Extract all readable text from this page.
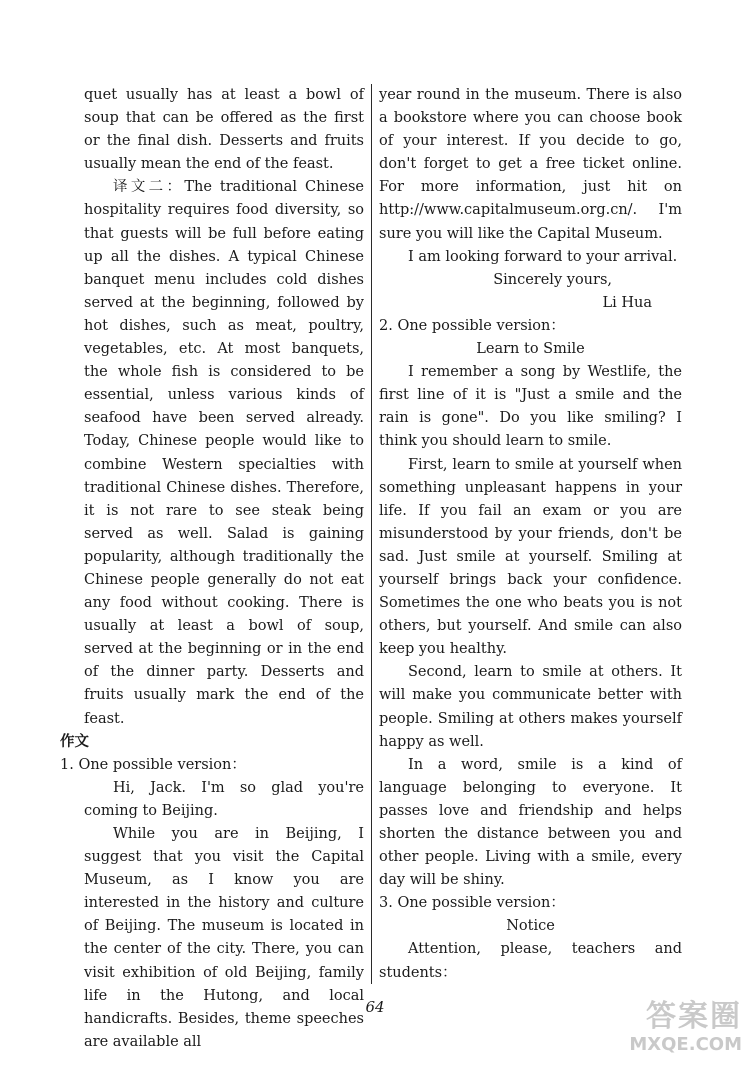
quet usually has at least a bowl of soup that can be offered as the first or the final dish. Desserts and fruits usually mean the end of the feast.

译文二：The traditional Chinese hospitality requires food diversity, so that guests will be full before eating up all the dishes. A typical Chinese banquet menu includes cold dishes served at the beginning, followed by hot dishes, such as meat, poultry, vegetables, etc. At most banquets, the whole fish is considered to be essential, unless various kinds of seafood have been served already. Today, Chinese people would like to combine Western specialties with traditional Chinese dishes. Therefore, it is not rare to see steak being served as well. Salad is gaining popularity, although traditionally the Chinese people generally do not eat any food without cooking. There is usually at least a bowl of soup, served at the beginning or in the end of the dinner party. Desserts and fruits usually mark the end of the feast.

作文

1. One possible version：

Hi, Jack. I'm so glad you're coming to Beijing.

While you are in Beijing, I suggest that you visit the Capital Museum, as I know you are interested in the history and culture of Beijing. The museum is located in the center of the city. There, you can visit exhibition of old Beijing, family life in the Hutong, and local handicrafts. Besides, theme speeches are available all

year round in the museum. There is also a bookstore where you can choose book of your interest. If you decide to go, don't forget to get a free ticket online. For more information, just hit on http://www.capitalmuseum.org.cn/. I'm sure you will like the Capital Museum.

I am looking forward to your arrival.

Sincerely yours,

Li Hua

2. One possible version：

Learn to Smile

I remember a song by Westlife, the first line of it is "Just a smile and the rain is gone". Do you like smiling? I think you should learn to smile.

First, learn to smile at yourself when something unpleasant happens in your life. If you fail an exam or you are misunderstood by your friends, don't be sad. Just smile at yourself. Smiling at yourself brings back your confidence. Sometimes the one who beats you is not others, but yourself. And smile can also keep you healthy.

Second, learn to smile at others. It will make you communicate better with people. Smiling at others makes yourself happy as well.

In a word, smile is a kind of language belonging to everyone. It passes love and friendship and helps shorten the distance between you and other people. Living with a smile, every day will be shiny.

3. One possible version：

Notice

Attention, please, teachers and students：

64	答案圈
MXQE.COM
